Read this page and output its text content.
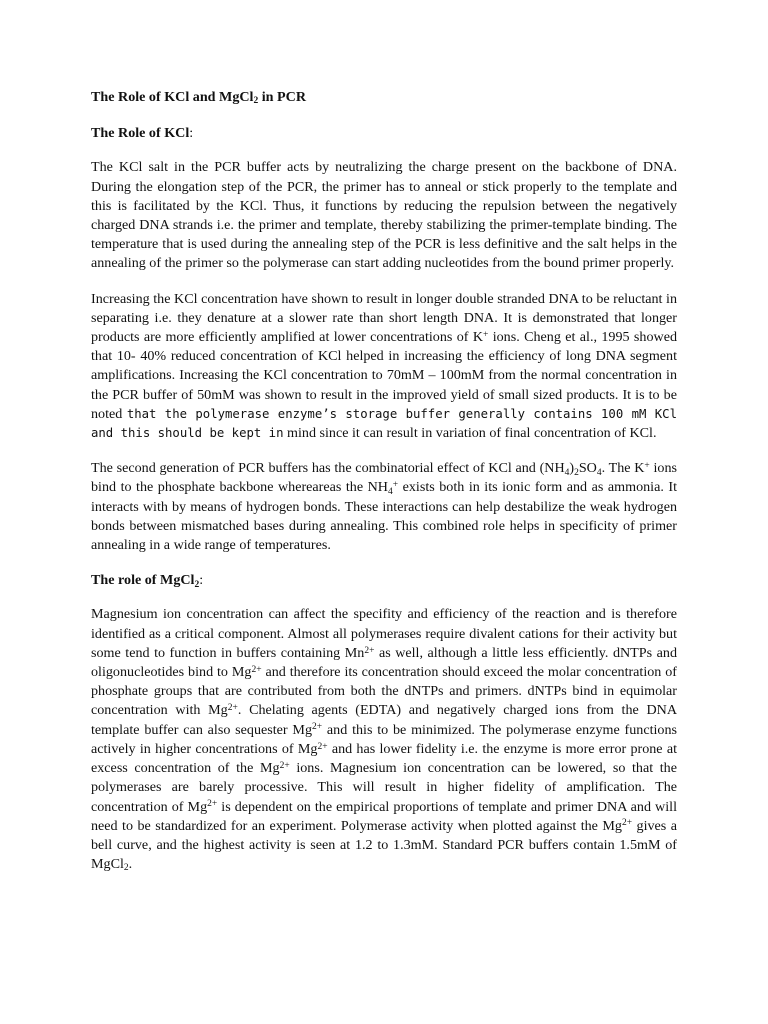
The Role of KCl and MgCl$_2$ in PCR

The Role of KCl:

The KCl salt in the PCR buffer acts by neutralizing the charge present on the backbone of DNA. During the elongation step of the PCR, the primer has to anneal or stick properly to the template and this is facilitated by the KCl. Thus, it functions by reducing the repulsion between the negatively charged DNA strands i.e. the primer and template, thereby stabilizing the primer-template binding. The temperature that is used during the annealing step of the PCR is less definitive and the salt helps in the annealing of the primer so the polymerase can start adding nucleotides from the bound primer properly.

Increasing the KCl concentration have shown to result in longer double stranded DNA to be reluctant in separating i.e. they denature at a slower rate than short length DNA. It is demonstrated that longer products are more efficiently amplified at lower concentrations of K+ ions. Cheng et al., 1995 showed that 10- 40% reduced concentration of KCl helped in increasing the efficiency of long DNA segment amplifications. Increasing the KCl concentration to 70mM – 100mM from the normal concentration in the PCR buffer of 50mM was shown to result in the improved yield of small sized products. It is to be noted that the polymerase enzyme’s storage buffer generally contains 100 mM KCl and this should be kept in mind since it can result in variation of final concentration of KCl.

The second generation of PCR buffers has the combinatorial effect of KCl and $(NH_4)_2SO_4$. The K+ ions bind to the phosphate backbone whereareas the $NH_4^+$ exists both in its ionic form and as ammonia. It interacts with by means of hydrogen bonds. These interactions can help destabilize the weak hydrogen bonds between mismatched bases during annealing. This combined role helps in specificity of primer annealing in a wide range of temperatures.

The role of MgCl$_2$:

Magnesium ion concentration can affect the specifity and efficiency of the reaction and is therefore identified as a critical component. Almost all polymerases require divalent cations for their activity but some tend to function in buffers containing $Mn^{2+}$ as well, although a little less efficiently. dNTPs and oligonucleotides bind to $Mg^{2+}$ and therefore its concentration should exceed the molar concentration of phosphate groups that are contributed from both the dNTPs and primers. dNTPs bind in equimolar concentration with $Mg^{2+}$. Chelating agents (EDTA) and negatively charged ions from the DNA template buffer can also sequester $Mg^{2+}$ and this to be minimized. The polymerase enzyme functions actively in higher concentrations of $Mg^{2+}$ and has lower fidelity i.e. the enzyme is more error prone at excess concentration of the $Mg^{2+}$ ions. Magnesium ion concentration can be lowered, so that the polymerases are barely processive. This will result in higher fidelity of amplification. The concentration of $Mg^{2+}$ is dependent on the empirical proportions of template and primer DNA and will need to be standardized for an experiment. Polymerase activity when plotted against the $Mg^{2+}$ gives a bell curve, and the highest activity is seen at 1.2 to 1.3mM. Standard PCR buffers contain 1.5mM of MgCl$_2$.
